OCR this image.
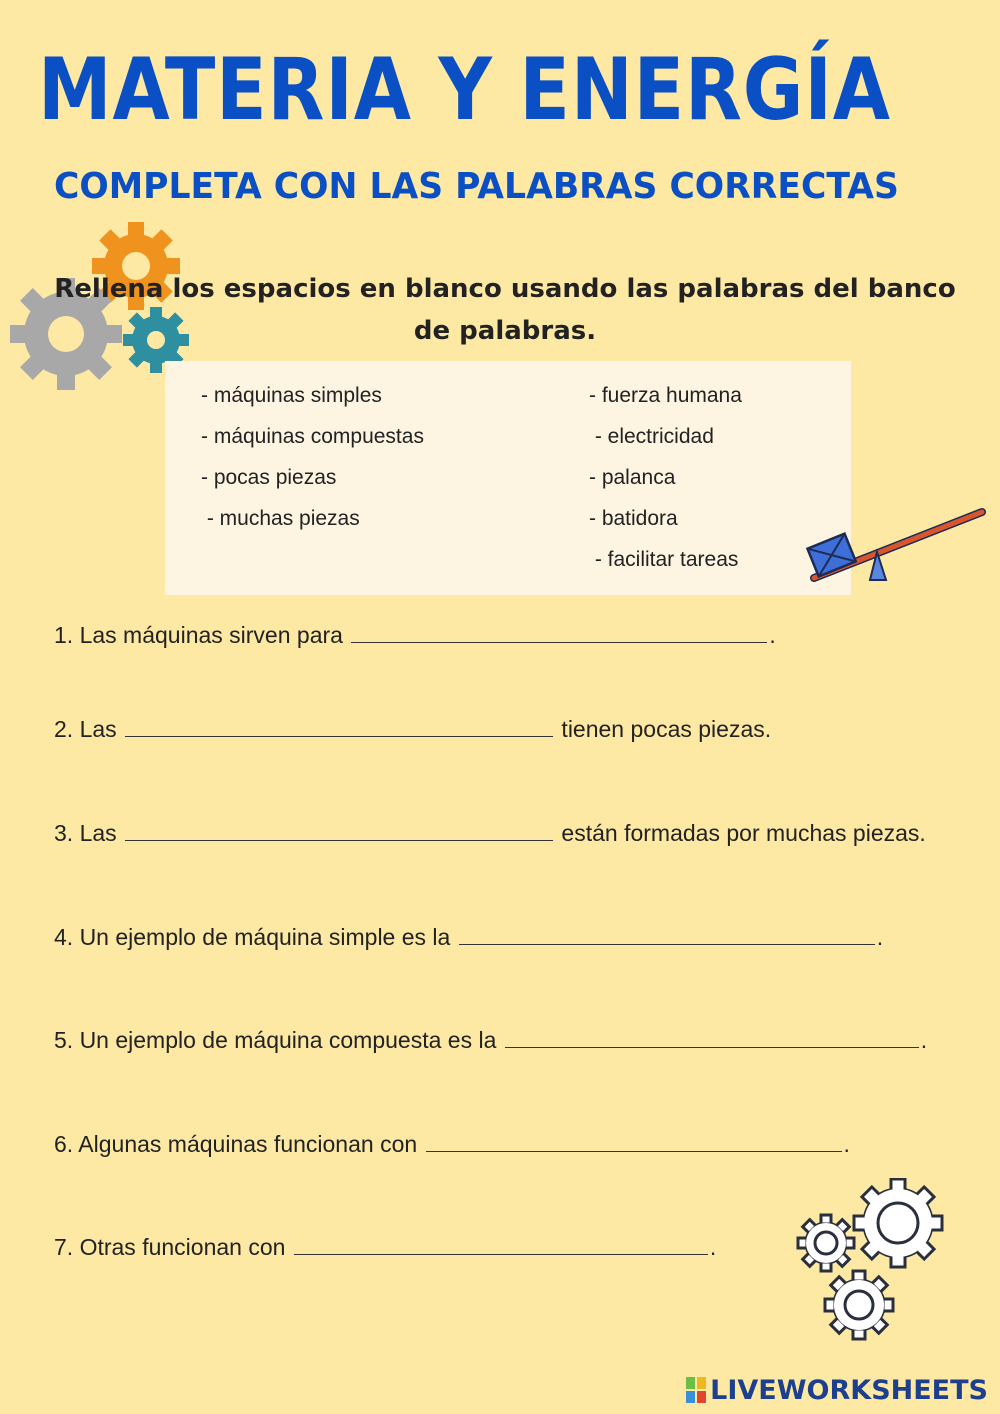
MATERIA Y ENERGÍA
COMPLETA CON LAS PALABRAS CORRECTAS

Rellena los espacios en blanco usando las palabras del banco de palabras.

- máquinas simples
- máquinas compuestas
- pocas piezas
- muchas piezas
- fuerza humana
- electricidad
- palanca
- batidora
- facilitar tareas

1. Las máquinas sirven para	.

2. Las	tienen pocas piezas.

3. Las	están formadas por muchas piezas.

4. Un ejemplo de máquina simple es la	.

5. Un ejemplo de máquina compuesta es la	.

6. Algunas máquinas funcionan con	.

7. Otras funcionan con	.

LIVEWORKSHEETS
